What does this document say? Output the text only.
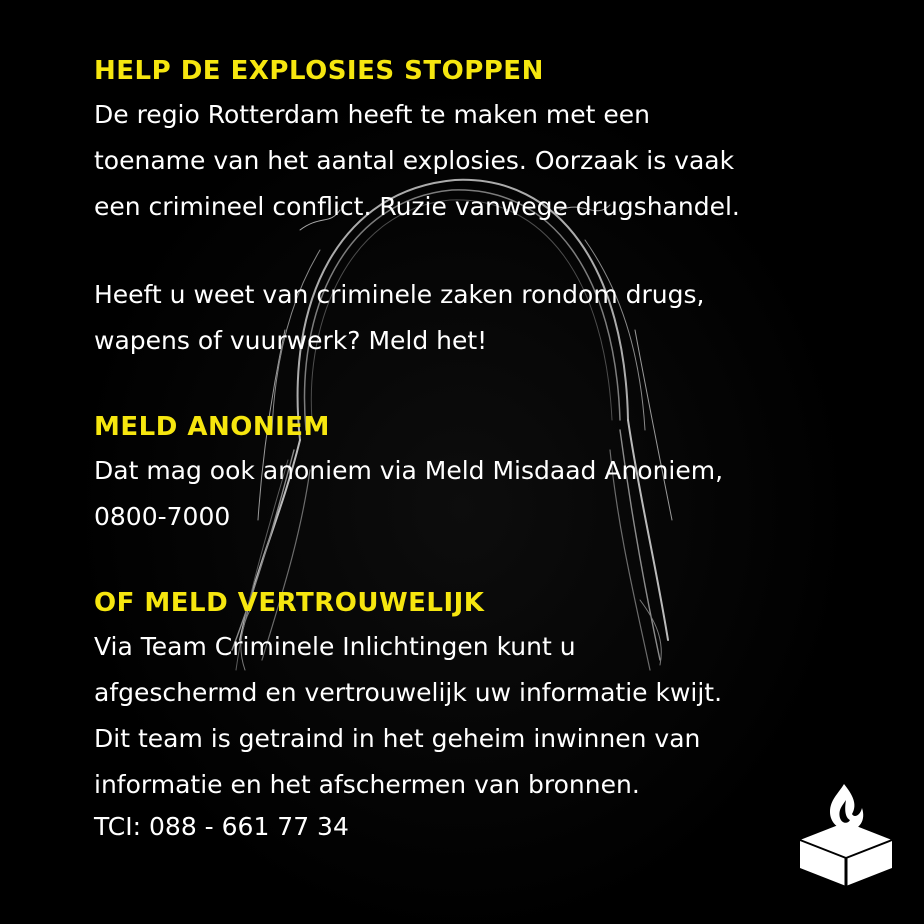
HELP DE EXPLOSIES STOPPEN

De regio Rotterdam heeft te maken met een

toename van het aantal explosies. Oorzaak is vaak

een crimineel conflict. Ruzie vanwege drugshandel.

Heeft u weet van criminele zaken rondom drugs,

wapens of vuurwerk? Meld het!

MELD ANONIEM

Dat mag ook anoniem via Meld Misdaad Anoniem,

0800-7000

OF MELD VERTROUWELIJK

Via Team Criminele Inlichtingen kunt u

afgeschermd en vertrouwelijk uw informatie kwijt.

Dit team is getraind in het geheim inwinnen van

informatie en het afschermen van bronnen.

TCI: 088 - 661 77 34
